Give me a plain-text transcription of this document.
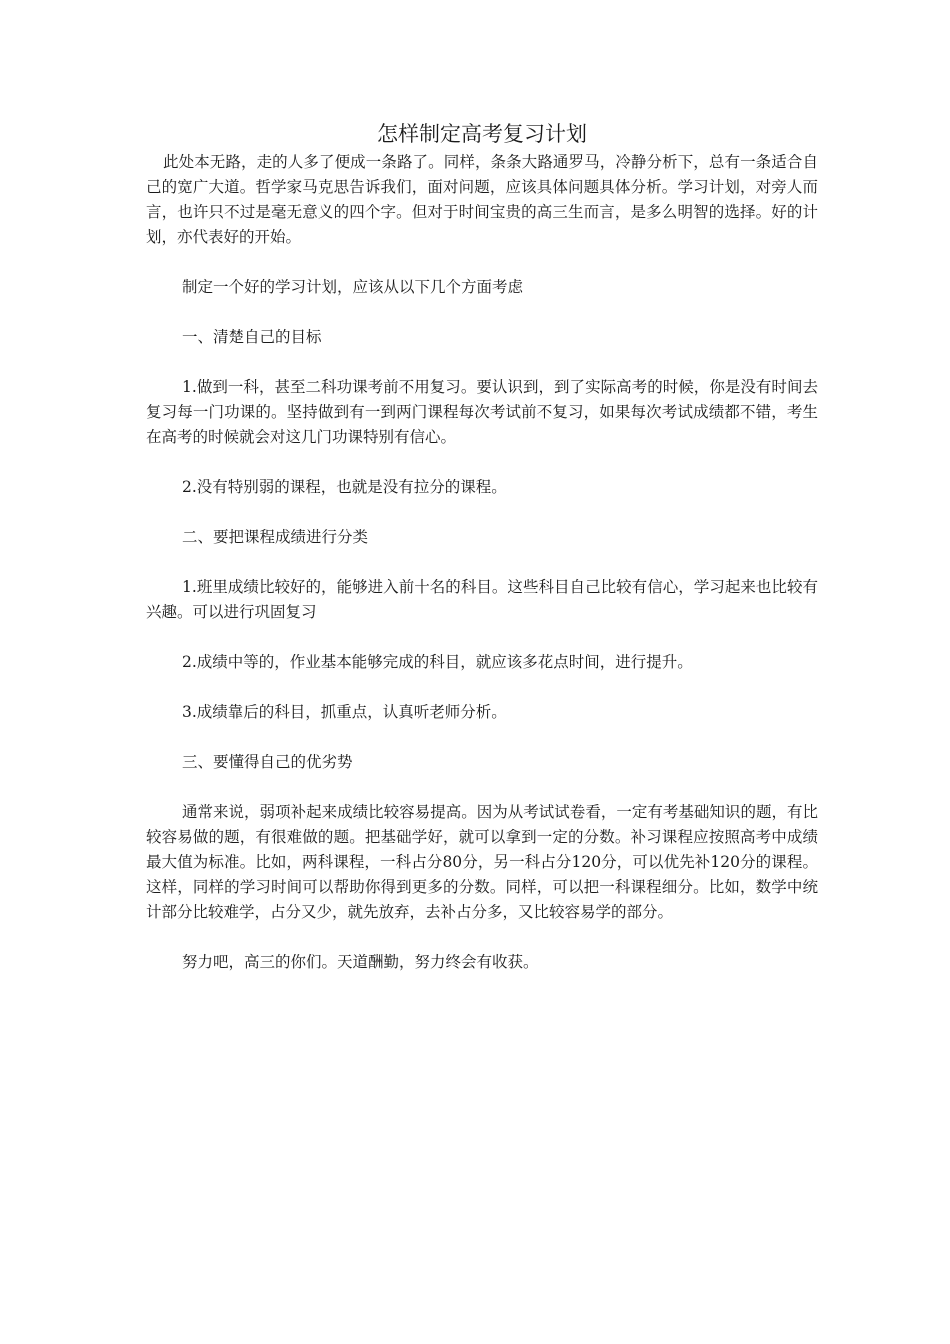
怎样制定高考复习计划

此处本无路，走的人多了便成一条路了。同样，条条大路通罗马，冷静分析下，总有一条适合自己的宽广大道。哲学家马克思告诉我们，面对问题，应该具体问题具体分析。学习计划，对旁人而言，也许只不过是毫无意义的四个字。但对于时间宝贵的高三生而言，是多么明智的选择。好的计划，亦代表好的开始。

制定一个好的学习计划，应该从以下几个方面考虑

一、清楚自己的目标

1.做到一科，甚至二科功课考前不用复习。要认识到，到了实际高考的时候，你是没有时间去复习每一门功课的。坚持做到有一到两门课程每次考试前不复习，如果每次考试成绩都不错，考生在高考的时候就会对这几门功课特别有信心。

2.没有特别弱的课程，也就是没有拉分的课程。

二、要把课程成绩进行分类

1.班里成绩比较好的，能够进入前十名的科目。这些科目自己比较有信心，学习起来也比较有兴趣。可以进行巩固复习

2.成绩中等的，作业基本能够完成的科目，就应该多花点时间，进行提升。

3.成绩靠后的科目，抓重点，认真听老师分析。

三、要懂得自己的优劣势

通常来说，弱项补起来成绩比较容易提高。因为从考试试卷看，一定有考基础知识的题，有比较容易做的题，有很难做的题。把基础学好，就可以拿到一定的分数。补习课程应按照高考中成绩最大值为标准。比如，两科课程，一科占分80分，另一科占分120分，可以优先补120分的课程。这样，同样的学习时间可以帮助你得到更多的分数。同样，可以把一科课程细分。比如，数学中统计部分比较难学，占分又少，就先放弃，去补占分多，又比较容易学的部分。

努力吧，高三的你们。天道酬勤，努力终会有收获。
